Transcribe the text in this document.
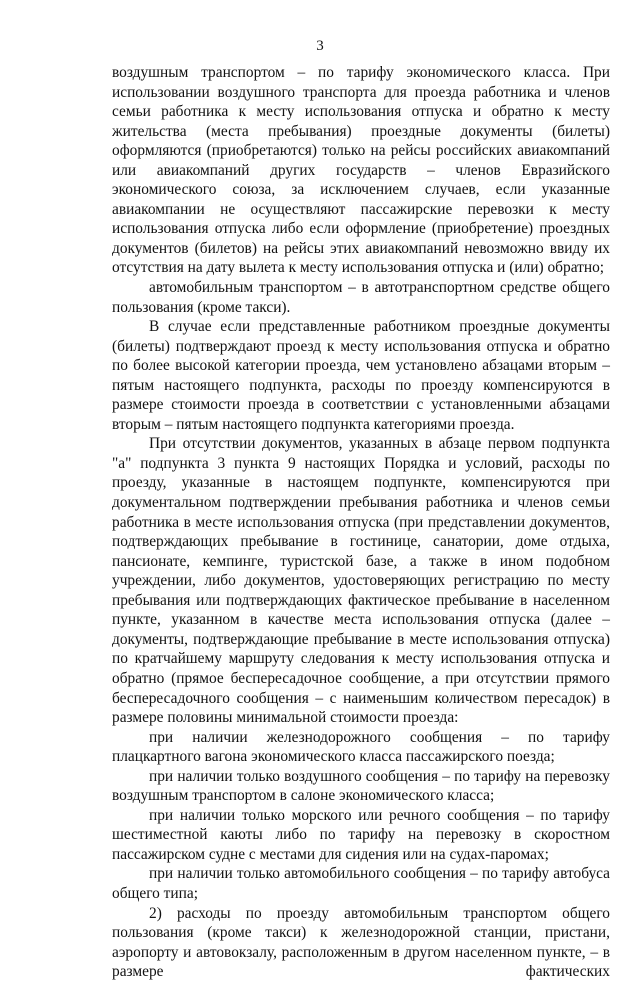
3

воздушным транспортом – по тарифу экономического класса. При использовании воздушного транспорта для проезда работника и членов семьи работника к месту использования отпуска и обратно к месту жительства (места пребывания) проездные документы (билеты) оформляются (приобретаются) только на рейсы российских авиакомпаний или авиакомпаний других государств – членов Евразийского экономического союза, за исключением случаев, если указанные авиакомпании не осуществляют пассажирские перевозки к месту использования отпуска либо если оформление (приобретение) проездных документов (билетов) на рейсы этих авиакомпаний невозможно ввиду их отсутствия на дату вылета к месту использования отпуска и (или) обратно;

автомобильным транспортом – в автотранспортном средстве общего пользования (кроме такси).

В случае если представленные работником проездные документы (билеты) подтверждают проезд к месту использования отпуска и обратно по более высокой категории проезда, чем установлено абзацами вторым – пятым настоящего подпункта, расходы по проезду компенсируются в размере стоимости проезда в соответствии с установленными абзацами вторым – пятым настоящего подпункта категориями проезда.

При отсутствии документов, указанных в абзаце первом подпункта "а" подпункта 3 пункта 9 настоящих Порядка и условий, расходы по проезду, указанные в настоящем подпункте, компенсируются при документальном подтверждении пребывания работника и членов семьи работника в месте использования отпуска (при представлении документов, подтверждающих пребывание в гостинице, санатории, доме отдыха, пансионате, кемпинге, туристской базе, а также в ином подобном учреждении, либо документов, удостоверяющих регистрацию по месту пребывания или подтверждающих фактическое пребывание в населенном пункте, указанном в качестве места использования отпуска (далее – документы, подтверждающие пребывание в месте использования отпуска) по кратчайшему маршруту следования к месту использования отпуска и обратно (прямое беспересадочное сообщение, а при отсутствии прямого беспересадочного сообщения – с наименьшим количеством пересадок) в размере половины минимальной стоимости проезда:

при наличии железнодорожного сообщения – по тарифу плацкартного вагона экономического класса пассажирского поезда;

при наличии только воздушного сообщения – по тарифу на перевозку воздушным транспортом в салоне экономического класса;

при наличии только морского или речного сообщения – по тарифу шестиместной каюты либо по тарифу на перевозку в скоростном пассажирском судне с местами для сидения или на судах-паромах;

при наличии только автомобильного сообщения – по тарифу автобуса общего типа;

2) расходы по проезду автомобильным транспортом общего пользования (кроме такси) к железнодорожной станции, пристани, аэропорту и автовокзалу, расположенным в другом населенном пункте, – в размере фактических
